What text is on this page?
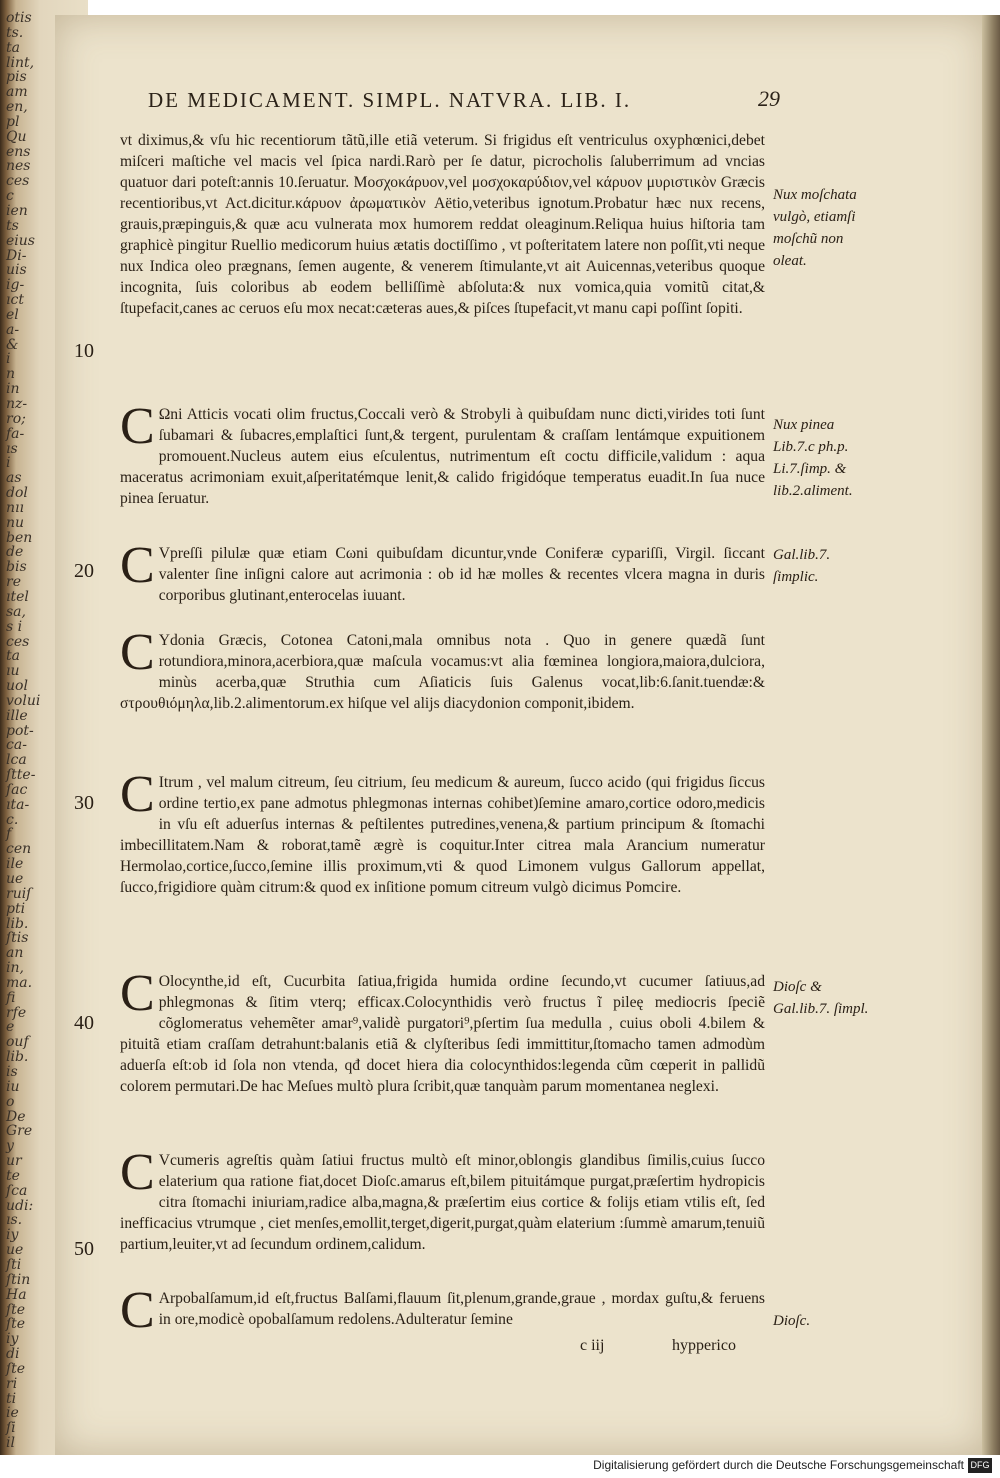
otis
ts.
ta
lint,
pis
am
en,
pl
Qu
ens
nes
ces
c
ien
ts
eius
Di-
uis
ig-
ıct
el
a-
&
i
n
in
nz-
ro;
fa-
ıs
i
as
dol
nıı
nu
ben
de
bis
re
ıtel
sa,
s i
ces
ta
ıu
uol
volui
ille
pot-
ca-
lca
ſtte-
ſac
ıta-
c.
f
cen
ile
ue
ruiſ
pti
lib.
ſtis
an
in,
ma.
fi
rfe
e
ouf
lib.
is
iu
o
De
Gre
y
ur
te
ſca
udi:
ıs.
iy
ue
ſti
ſtin
Ha
ſte
ſte
iy
di
ſte
ri
ti
ie
ſi
il
DE MEDICAMENT. SIMPL. NATVRA. LIB. I.	29
10
20
30
40
50

vt diximus,& vſu hic recentiorum tãtũ,ille etiã veterum. Si frigidus eſt ventriculus oxyphœnici,debet miſceri maſtiche vel macis vel ſpica nardi.Rarò per ſe datur, picrocholis ſaluberrimum ad vncias quatuor dari poteſt:annis 10.ſeruatur. Μοσχοκάρυον,vel μοσχοκαρύδιον,vel κάρυον μυριστικὸν Græcis recentioribus,vt Act.dicitur.κάρυον ἀρωματικὸν Aëtio,veteribus ignotum.Probatur hæc nux recens, grauis,præpinguis,& quæ acu vulnerata mox humorem reddat oleaginum.Reliqua huius hiſtoria tam graphicè pingitur Ruellio medicorum huius ætatis doctiſſimo , vt poſteritatem latere non poſſit,vti neque nux Indica oleo prægnans, ſemen augente, & venerem ſtimulante,vt ait Auicennas,veteribus quoque incognita, ſuis coloribus ab eodem belliſſimè abſoluta:& nux vomica,quia vomitũ citat,& ſtupefacit,canes ac ceruos eſu mox necat:cæteras aues,& piſces ſtupefacit,vt manu capi poſſint ſopiti.

C Ωni Atticis vocati olim fructus,Coccali verò & Strobyli à quibuſdam nunc dicti,virides toti ſunt ſubamari & ſubacres,emplaſtici ſunt,& tergent, purulentam & craſſam lentámque expuitionem promouent.Nucleus autem eius eſculentus, nutrimentum eſt coctu difficile,validum : aqua maceratus acrimoniam exuit,aſperitatémque lenit,& calido frigidóque temperatus euadit.In ſua nuce pinea ſeruatur.

C Vpreſſi pilulæ quæ etiam Cωni quibuſdam dicuntur,vnde Coniferæ cypariſſi, Virgil. ſiccant valenter ſine inſigni calore aut acrimonia : ob id hæ molles & recentes vlcera magna in duris corporibus glutinant,enterocelas iuuant.

C Ydonia Græcis, Cotonea Catoni,mala omnibus nota . Quo in genere quædã ſunt rotundiora,minora,acerbiora,quæ maſcula vocamus:vt alia fœminea longiora,maiora,dulciora, minùs acerba,quæ Struthia cum Aſiaticis ſuis Galenus vocat,lib:6.ſanit.tuendæ:& στρουθιόμηλα,lib.2.alimentorum.ex hiſque vel alijs diacydonion componit,ibidem.

C Itrum , vel malum citreum, ſeu citrium, ſeu medicum & aureum, ſucco acido (qui frigidus ſiccus ordine tertio,ex pane admotus phlegmonas internas cohibet)ſemine amaro,cortice odoro,medicis in vſu eſt aduerſus internas & peſtilentes putredines,venena,& partium principum & ſtomachi imbecillitatem.Nam & roborat,tamẽ ægrè is coquitur.Inter citrea mala Arancium numeratur Hermolao,cortice,ſucco,ſemine illis proximum,vti & quod Limonem vulgus Gallorum appellat, ſucco,frigidiore quàm citrum:& quod ex inſitione pomum citreum vulgò dicimus Pomcire.

C Olocynthe,id eſt, Cucurbita ſatiua,frigida humida ordine ſecundo,vt cucumer ſatiuus,ad phlegmonas & ſitim vterq; efficax.Colocynthidis verò fructus ĩ pileę mediocris ſpeciẽ cõglomeratus vehemẽter amar⁹,validè purgatori⁹,pſertim ſua medulla , cuius oboli 4.bilem & pituitã etiam craſſam detrahunt:balanis etiã & clyſteribus ſedi immittitur,ſtomacho tamen admodùm aduerſa eſt:ob id ſola non vtenda, qđ docet hiera dia colocynthidos:legenda cũm cœperit in pallidũ colorem permutari.De hac Meſues multò plura ſcribit,quæ tanquàm parum momentanea neglexi.

C Vcumeris agreſtis quàm ſatiui fructus multò eſt minor,oblongis glandibus ſimilis,cuius ſucco elaterium qua ratione fiat,docet Dioſc.amarus eſt,bilem pituitámque purgat,præſertim hydropicis citra ſtomachi iniuriam,radice alba,magna,& præſertim eius cortice & folijs etiam vtilis eſt, ſed inefficacius vtrumque , ciet menſes,emollit,terget,digerit,purgat,quàm elaterium :ſummè amarum,tenuiũ partium,leuiter,vt ad ſecundum ordinem,calidum.

C Arpobalſamum,id eſt,fructus Balſami,flauum ſit,plenum,grande,graue , mordax guſtu,& feruens in ore,modicè opobalſamum redolens.Adulteratur ſemine

Nux moſchata vulgò, etiamſi moſchũ non oleat.
Nux pinea Lib.7.c ph.p. Li.7.ſimp. & lib.2.aliment.
Gal.lib.7. ſimplic.
Dioſc & Gal.lib.7. ſimpl.
Dioſc.
c iij	hypperico
Digitalisierung gefördert durch die Deutsche Forschungsgemeinschaft DFG
